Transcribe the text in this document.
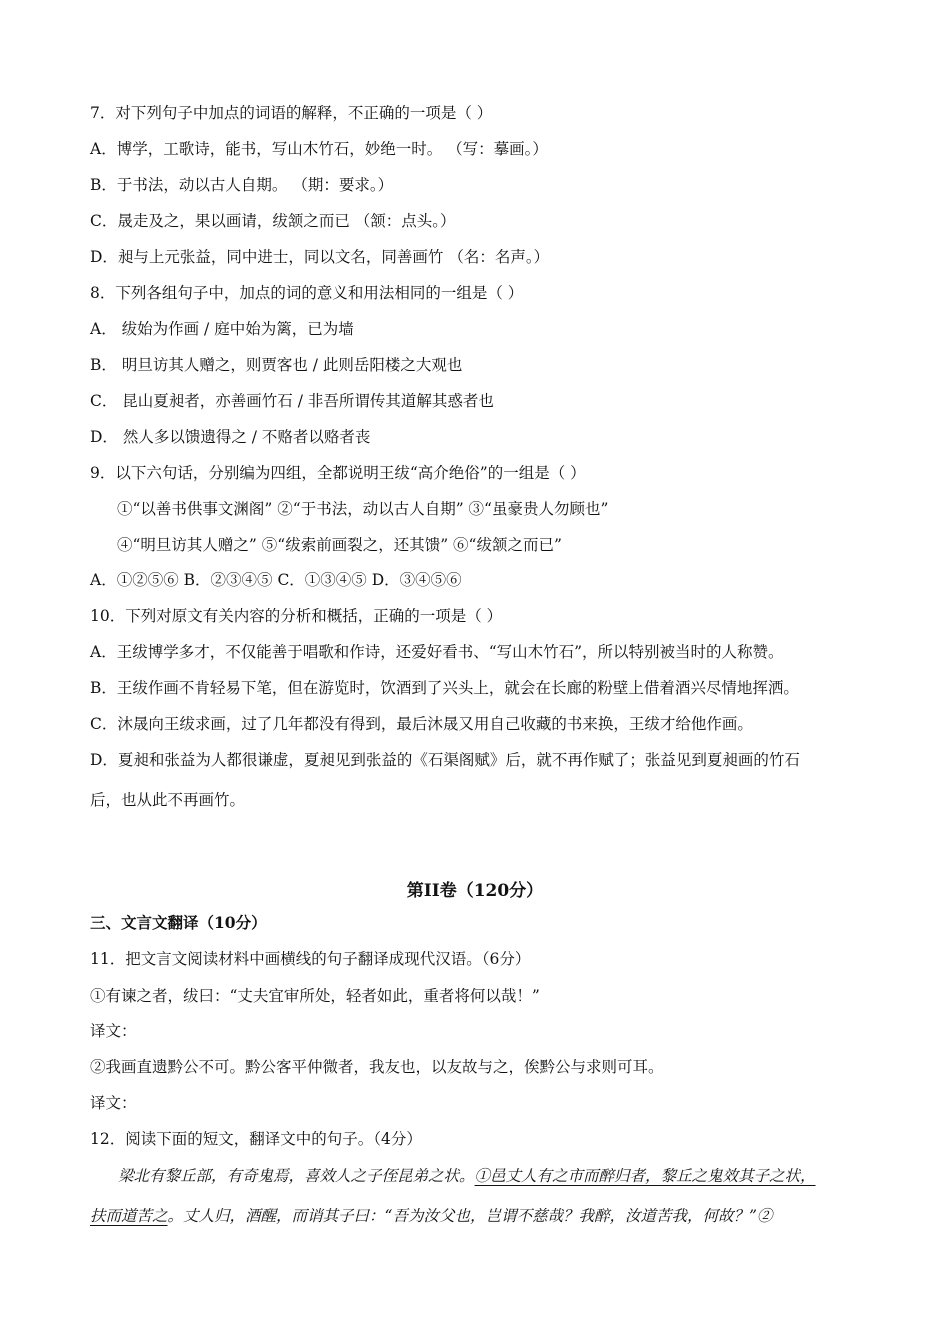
7．对下列句子中加点的词语的解释，不正确的一项是（ ）
A．博学，工歌诗，能书，写山木竹石，妙绝一时。 （写：摹画。）
B．于书法，动以古人自期。 （期：要求。）
C．晟走及之，果以画请，绂颔之而已 （颔：点头。）
D．昶与上元张益，同中进士，同以文名，同善画竹 （名：名声。）
8．下列各组句子中，加点的词的意义和用法相同的一组是（ ）
A． 绂始为作画 / 庭中始为篱，已为墙
B． 明旦访其人赠之，则贾客也 / 此则岳阳楼之大观也
C． 昆山夏昶者，亦善画竹石 / 非吾所谓传其道解其惑者也
D． 然人多以馈遗得之 / 不赂者以赂者丧
9．以下六句话，分别编为四组，全都说明王绂“高介绝俗”的一组是（ ）
①“以善书供事文渊阁” ②“于书法，动以古人自期” ③“虽豪贵人勿顾也”
④“明旦访其人赠之” ⑤“绂索前画裂之，还其馈” ⑥“绂颔之而已”
A．①②⑤⑥ B．②③④⑤ C．①③④⑤ D．③④⑤⑥
10．下列对原文有关内容的分析和概括，正确的一项是（ ）
A．王绂博学多才，不仅能善于唱歌和作诗，还爱好看书、“写山木竹石”，所以特别被当时的人称赞。
B．王绂作画不肯轻易下笔，但在游览时，饮酒到了兴头上，就会在长廊的粉壁上借着酒兴尽情地挥洒。
C．沐晟向王绂求画，过了几年都没有得到，最后沐晟又用自己收藏的书来换，王绂才给他作画。
D．夏昶和张益为人都很谦虚，夏昶见到张益的《石渠阁赋》后，就不再作赋了；张益见到夏昶画的竹石
后，也从此不再画竹。
第II卷（120分）
三、文言文翻译（10分）
11．把文言文阅读材料中画横线的句子翻译成现代汉语。（6分）
①有谏之者，绂曰：“丈夫宜审所处，轻者如此，重者将何以哉！”
译文：
②我画直遗黔公不可。黔公客平仲微者，我友也，以友故与之，俟黔公与求则可耳。
译文：
12．阅读下面的短文，翻译文中的句子。（4分）
梁北有黎丘部，有奇鬼焉，喜效人之子侄昆弟之状。①邑丈人有之市而醉归者，黎丘之鬼效其子之状，
扶而道苦之。丈人归，酒醒，而诮其子曰：“吾为汝父也，岂谓不慈哉？我醉，汝道苦我，何故？”②
